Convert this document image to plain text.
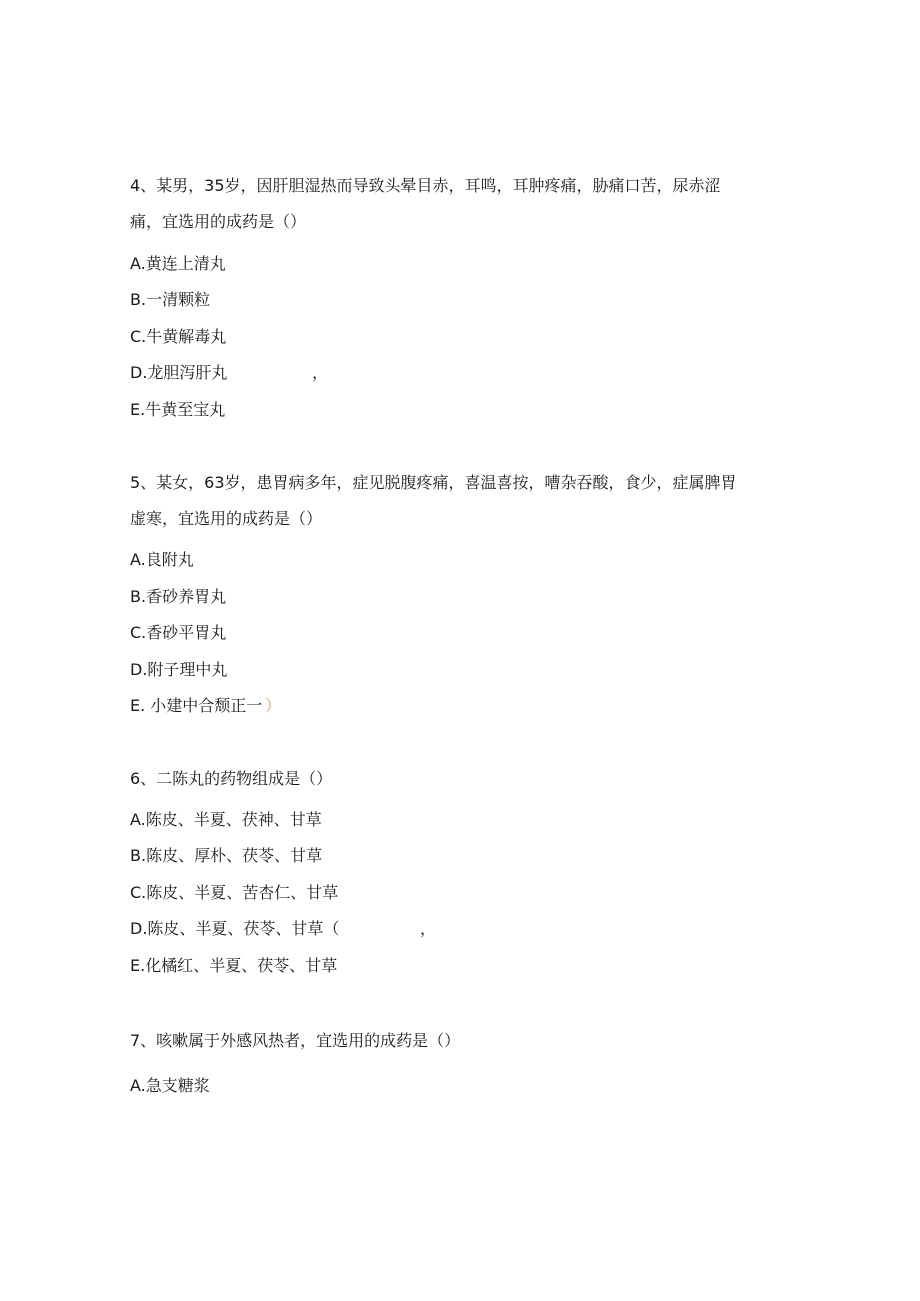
4、某男，35岁，因肝胆湿热而导致头晕目赤，耳鸣，耳肿疼痛，胁痛口苦，尿赤涩
痛，宜选用的成药是（）
A.黄连上清丸
B.一清颗粒
C.牛黄解毒丸
D.龙胆泻肝丸	，
E.牛黄至宝丸
5、某女，63岁，患胃病多年，症见脱腹疼痛，喜温喜按，嘈杂吞酸，食少，症属脾胃
虚寒，宜选用的成药是（）
A.良附丸
B.香砂养胃丸
C.香砂平胃丸
D.附子理中丸
E. 小建中合颓正一 ）
6、二陈丸的药物组成是（）
A.陈皮、半夏、茯神、甘草
B.陈皮、厚朴、茯苓、甘草
C.陈皮、半夏、苦杏仁、甘草
D.陈皮、半夏、茯苓、甘草（	，
E.化橘红、半夏、茯苓、甘草
7、咳嗽属于外感风热者，宜选用的成药是（）
A.急支糖浆
